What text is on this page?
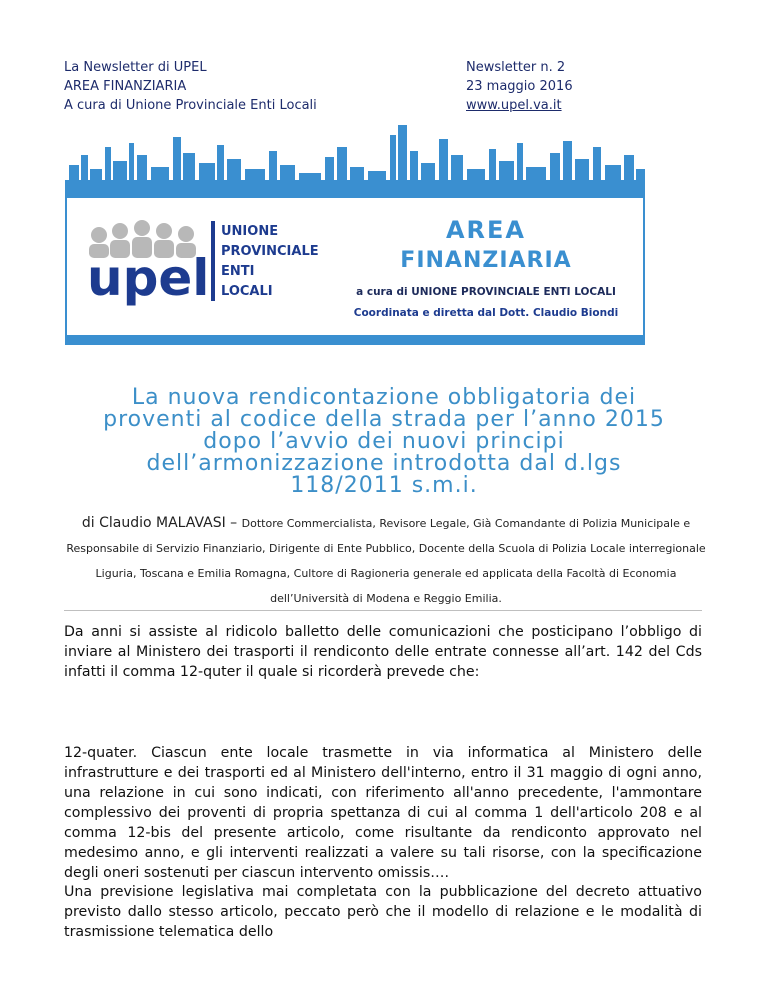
La Newsletter di UPEL
AREA FINANZIARIA
A cura di Unione Provinciale Enti Locali
Newsletter n. 2
23 maggio 2016
www.upel.va.it
upel
UNIONE
PROVINCIALE
ENTI
LOCALI
AREA
FINANZIARIA
a cura di UNIONE PROVINCIALE ENTI LOCALI
Coordinata e diretta dal Dott. Claudio Biondi
La nuova rendicontazione obbligatoria dei
proventi al codice della strada per l’anno 2015
dopo l’avvio dei nuovi principi
dell’armonizzazione introdotta dal d.lgs
118/2011 s.m.i.
di Claudio MALAVASI – Dottore Commercialista, Revisore Legale, Già Comandante di Polizia Municipale e Responsabile di Servizio Finanziario, Dirigente di Ente Pubblico, Docente della Scuola di Polizia Locale interregionale Liguria, Toscana e Emilia Romagna, Cultore di Ragioneria generale ed applicata della Facoltà di Economia dell’Università di Modena e Reggio Emilia.

Da anni si assiste al ridicolo balletto delle comunicazioni che posticipano l’obbligo di inviare al Ministero dei trasporti il rendiconto delle entrate connesse all’art. 142 del Cds infatti il comma 12-quter il quale si ricorderà prevede che:

12-quater. Ciascun ente locale trasmette in via informatica al Ministero delle infrastrutture e dei trasporti ed al Ministero dell'interno, entro il 31 maggio di ogni anno, una relazione in cui sono indicati, con riferimento all'anno precedente, l'ammontare complessivo dei proventi di propria spettanza di cui al comma 1 dell'articolo 208 e al comma 12-bis del presente articolo, come risultante da rendiconto approvato nel medesimo anno, e gli interventi realizzati a valere su tali risorse, con la specificazione degli oneri sostenuti per ciascun intervento omissis….

Una previsione legislativa mai completata con la pubblicazione del decreto attuativo previsto dallo stesso articolo, peccato però che il modello di relazione e le modalità di trasmissione telematica dello
